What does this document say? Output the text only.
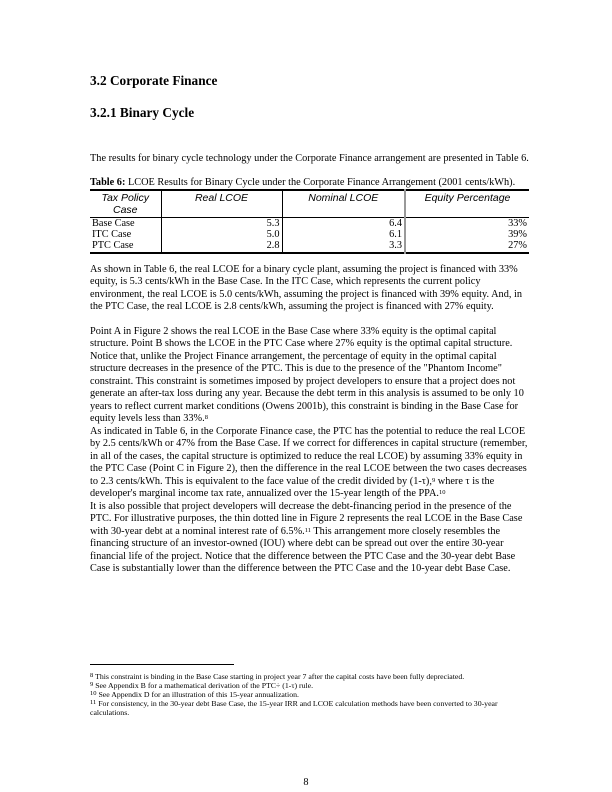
3.2 Corporate Finance
3.2.1 Binary Cycle
The results for binary cycle technology under the Corporate Finance arrangement are presented in Table 6.
Table 6: LCOE Results for Binary Cycle under the Corporate Finance Arrangement (2001 cents/kWh).
Tax Policy Case	Real LCOE	Nominal LCOE	Equity Percentage
Base Case	5.3	6.4	33%
ITC Case	5.0	6.1	39%
PTC Case	2.8	3.3	27%
As shown in Table 6, the real LCOE for a binary cycle plant, assuming the project is financed with 33%
equity, is 5.3 cents/kWh in the Base Case. In the ITC Case, which represents the current policy
environment, the real LCOE is 5.0 cents/kWh, assuming the project is financed with 39% equity. And, in
the PTC Case, the real LCOE is 2.8 cents/kWh, assuming the project is financed with 27% equity.
Point A in Figure 2 shows the real LCOE in the Base Case where 33% equity is the optimal capital
structure. Point B shows the LCOE in the PTC Case where 27% equity is the optimal capital structure.
Notice that, unlike the Project Finance arrangement, the percentage of equity in the optimal capital
structure decreases in the presence of the PTC. This is due to the presence of the "Phantom Income"
constraint. This constraint is sometimes imposed by project developers to ensure that a project does not
generate an after-tax loss during any year. Because the debt term in this analysis is assumed to be only 10
years to reflect current market conditions (Owens 2001b), this constraint is binding in the Base Case for
equity levels less than 33%.$^8$
As indicated in Table 6, in the Corporate Finance case, the PTC has the potential to reduce the real LCOE
by 2.5 cents/kWh or 47% from the Base Case. If we correct for differences in capital structure (remember,
in all of the cases, the capital structure is optimized to reduce the real LCOE) by assuming 33% equity in
the PTC Case (Point C in Figure 2), then the difference in the real LCOE between the two cases decreases
to 2.3 cents/kWh. This is equivalent to the face value of the credit divided by (1-τ),$^9$ where τ is the
developer's marginal income tax rate, annualized over the 15-year length of the PPA.$^{10}$
It is also possible that project developers will decrease the debt-financing period in the presence of the
PTC. For illustrative purposes, the thin dotted line in Figure 2 represents the real LCOE in the Base Case
with 30-year debt at a nominal interest rate of 6.5%.$^{11}$ This arrangement more closely resembles the
financing structure of an investor-owned (IOU) where debt can be spread out over the entire 30-year
financial life of the project. Notice that the difference between the PTC Case and the 30-year debt Base
Case is substantially lower than the difference between the PTC Case and the 10-year debt Base Case.
$^8$ This constraint is binding in the Base Case starting in project year 7 after the capital costs have been fully depreciated.
$^9$ See Appendix B for a mathematical derivation of the PTC÷ (1-τ) rule.
$^{10}$ See Appendix D for an illustration of this 15-year annualization.
$^{11}$ For consistency, in the 30-year debt Base Case, the 15-year IRR and LCOE calculation methods have been converted to 30-year
calculations.
8
